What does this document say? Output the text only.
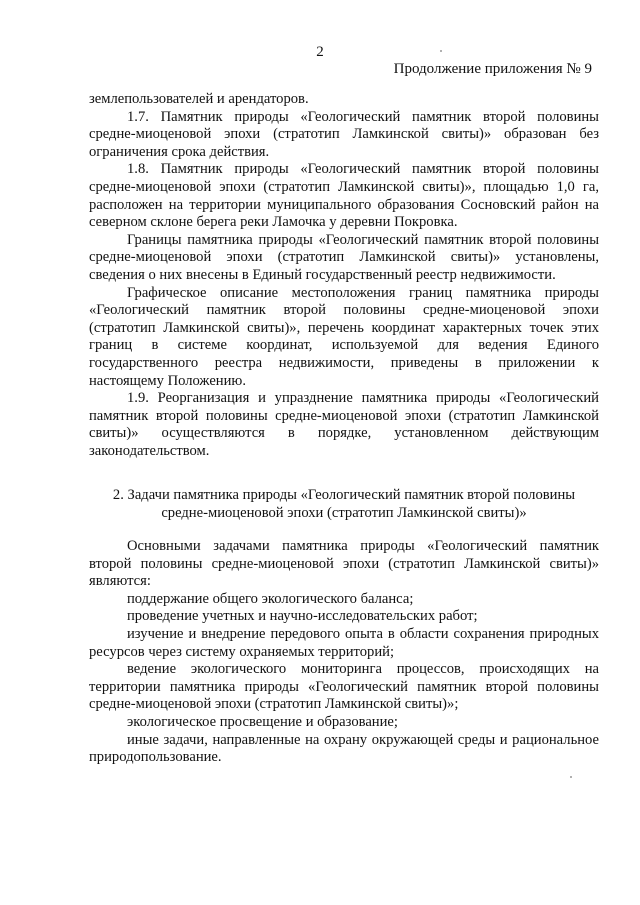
2
Продолжение приложения № 9

землепользователей и арендаторов.

1.7. Памятник природы «Геологический памятник второй половины средне-миоценовой эпохи (стратотип Ламкинской свиты)» образован без ограничения срока действия.

1.8. Памятник природы «Геологический памятник второй половины средне-миоценовой эпохи (стратотип Ламкинской свиты)», площадью 1,0 га, расположен на территории муниципального образования Сосновский район на северном склоне берега реки Ламочка у деревни Покровка.

Границы памятника природы «Геологический памятник второй половины средне-миоценовой эпохи (стратотип Ламкинской свиты)» установлены, сведения о них внесены в Единый государственный реестр недвижимости.

Графическое описание местоположения границ памятника природы «Геологический памятник второй половины средне-миоценовой эпохи (стратотип Ламкинской свиты)», перечень координат характерных точек этих границ в системе координат, используемой для ведения Единого государственного реестра недвижимости, приведены в приложении к настоящему Положению.

1.9. Реорганизация и упразднение памятника природы «Геологический памятник второй половины средне-миоценовой эпохи (стратотип Ламкинской свиты)» осуществляются в порядке, установленном действующим законодательством.

2. Задачи памятника природы «Геологический памятник второй половины
средне-миоценовой эпохи (стратотип Ламкинской свиты)»

Основными задачами памятника природы «Геологический памятник второй половины средне-миоценовой эпохи (стратотип Ламкинской свиты)» являются:

поддержание общего экологического баланса;

проведение учетных и научно-исследовательских работ;

изучение и внедрение передового опыта в области сохранения природных ресурсов через систему охраняемых территорий;

ведение экологического мониторинга процессов, происходящих на территории памятника природы «Геологический памятник второй половины средне-миоценовой эпохи (стратотип Ламкинской свиты)»;

экологическое просвещение и образование;

иные задачи, направленные на охрану окружающей среды и рациональное природопользование.
